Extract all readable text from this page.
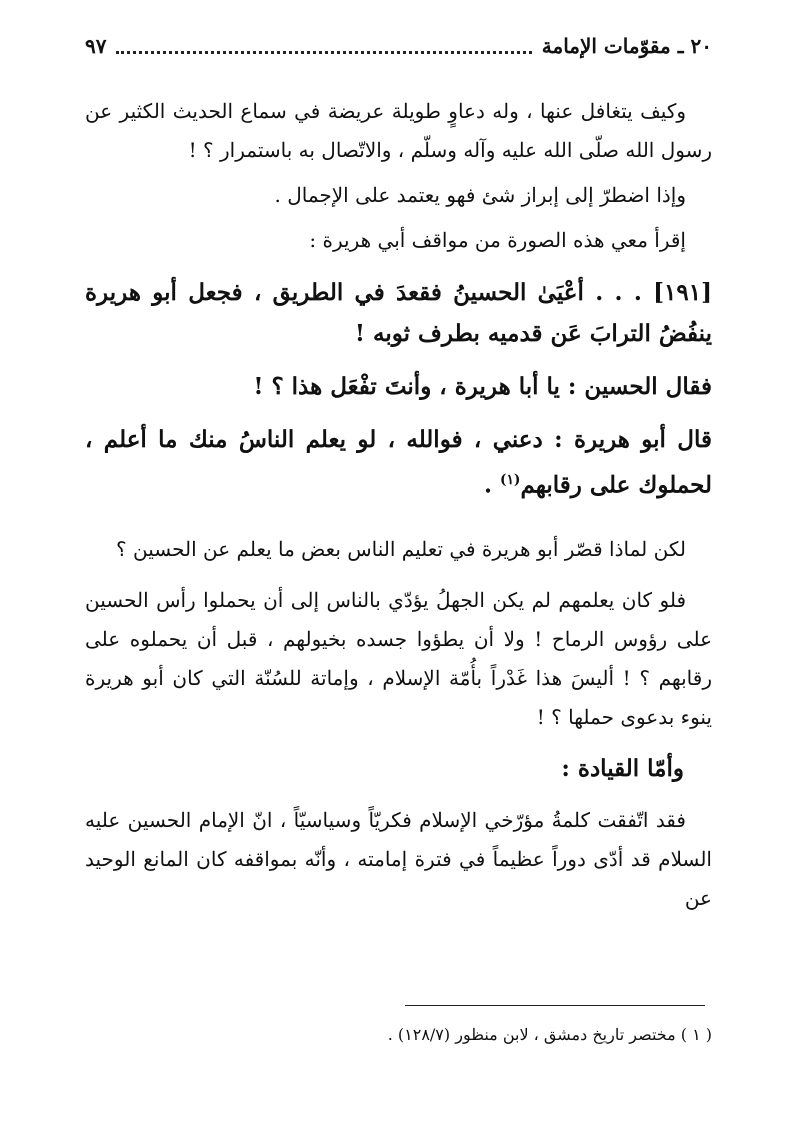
٢٠ ـ مقوّمات الإمامة
٩٧

وكيف يتغافل عنها ، وله دعاوٍ طويلة عريضة في سماع الحديث الكثير عن رسول الله صلّى الله عليه وآله وسلّم ، والاتّصال به باستمرار ؟ !

وإذا اضطرّ إلى إبراز شئ فهو يعتمد على الإجمال .

إقرأ معي هذه الصورة من مواقف أبي هريرة :

[١٩١] . . . أعْيَىٰ الحسينُ فقعدَ في الطريق ، فجعل أبو هريرة ينفُضُ الترابَ عَن قدميه بطرف ثوبه !

فقال الحسين : يا أبا هريرة ، وأنتَ تفْعَل هذا ؟ !

قال أبو هريرة : دعني ، فوالله ، لو يعلم الناسُ منك ما أعلم ، لحملوك على رقابهم$^{(١)}$ .

لكن لماذا قصّر أبو هريرة في تعليم الناس بعض ما يعلم عن الحسين ؟

فلو كان يعلمهم لم يكن الجهلُ يؤدّي بالناس إلى أن يحملوا رأس الحسين على رؤوس الرماح ! ولا أن يطؤوا جسده بخيولهم ، قبل أن يحملوه على رقابهم ؟ ! أليسَ هذا غَدْراً بأُمّة الإسلام ، وإماتة للسُنّة التي كان أبو هريرة ينوء بدعوى حملها ؟ !

وأمّا القيادة :

فقد اتّفقت كلمةُ مؤرّخي الإسلام فكريّاً وسياسيّاً ، انّ الإمام الحسين عليه السلام قد أدّى دوراً عظيماً في فترة إمامته ، وأنّه بمواقفه كان المانع الوحيد عن

( ١ ) مختصر تاريخ دمشق ، لابن منظور (١٢٨/٧) .
